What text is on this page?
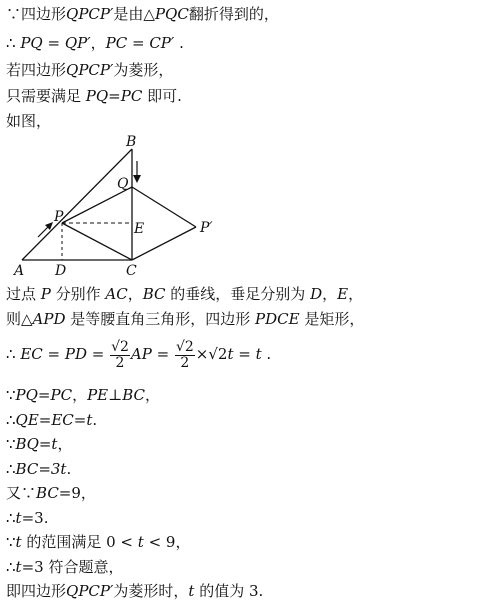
∵四边形QPCP′是由△PQC翻折得到的，
∴ PQ = QP′，PC = CP′ .
若四边形QPCP′为菱形，
只需要满足 PQ=PC 即可.
如图，
A
B
C
D
E
P
Q
P′
过点 P 分别作 AC，BC 的垂线，垂足分别为 D，E，
则△APD 是等腰直角三角形，四边形 PDCE 是矩形，
∴ EC = PD = $\frac{√2}{2}$ AP = $\frac{√2}{2} \times√2t = t$ .
∵PQ=PC，PE⊥BC，
∴QE=EC=t.
∵BQ=t，
∴BC=3t.
又∵BC=9，
∴t=3.
∵t 的范围满足 0 < t < 9，
∴t=3 符合题意，
即四边形QPCP′为菱形时，t 的值为 3.
